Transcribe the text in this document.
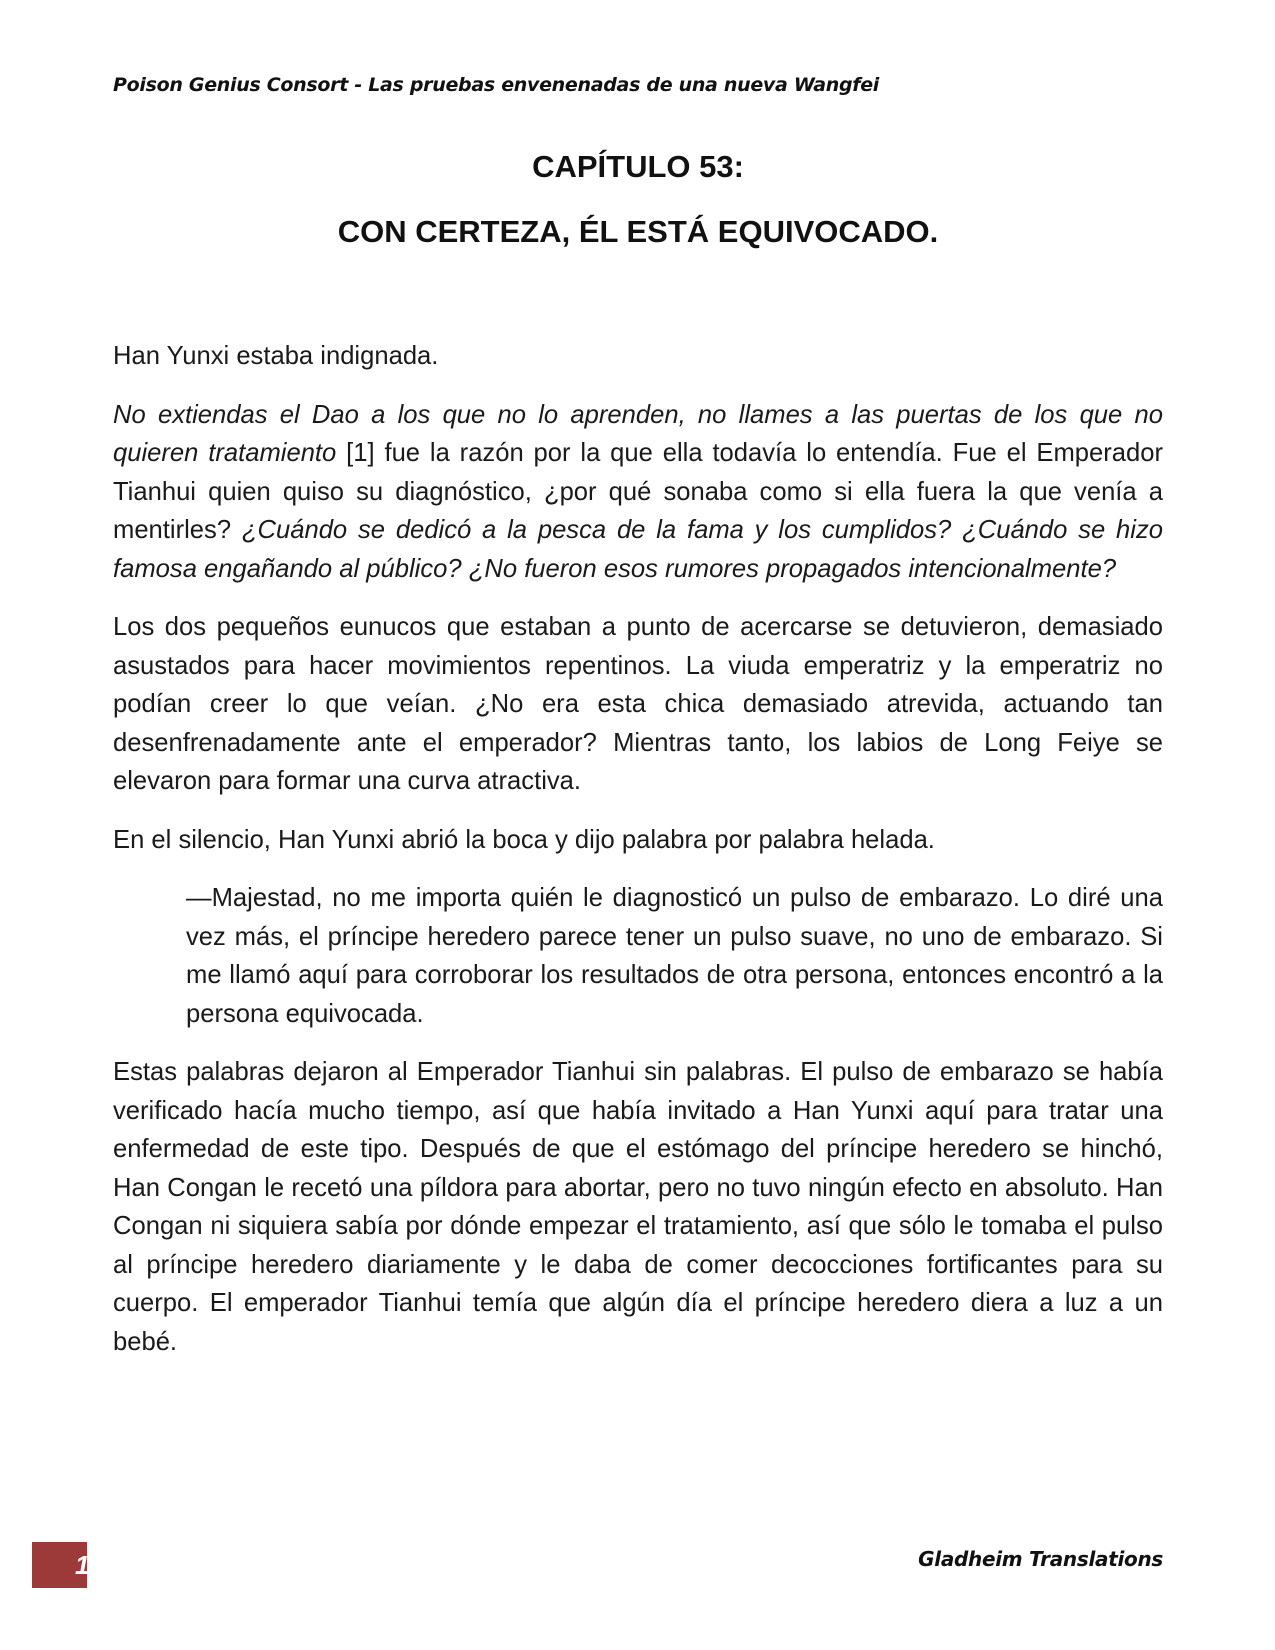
Poison Genius Consort - Las pruebas envenenadas de una nueva Wangfei
CAPÍTULO 53:
CON CERTEZA, ÉL ESTÁ EQUIVOCADO.

Han Yunxi estaba indignada.

No extiendas el Dao a los que no lo aprenden, no llames a las puertas de los que no quieren tratamiento [1] fue la razón por la que ella todavía lo entendía. Fue el Emperador Tianhui quien quiso su diagnóstico, ¿por qué sonaba como si ella fuera la que venía a mentirles? ¿Cuándo se dedicó a la pesca de la fama y los cumplidos? ¿Cuándo se hizo famosa engañando al público? ¿No fueron esos rumores propagados intencionalmente?

Los dos pequeños eunucos que estaban a punto de acercarse se detuvieron, demasiado asustados para hacer movimientos repentinos. La viuda emperatriz y la emperatriz no podían creer lo que veían. ¿No era esta chica demasiado atrevida, actuando tan desenfrenadamente ante el emperador? Mientras tanto, los labios de Long Feiye se elevaron para formar una curva atractiva.

En el silencio, Han Yunxi abrió la boca y dijo palabra por palabra helada.

—Majestad, no me importa quién le diagnosticó un pulso de embarazo. Lo diré una vez más, el príncipe heredero parece tener un pulso suave, no uno de embarazo. Si me llamó aquí para corroborar los resultados de otra persona, entonces encontró a la persona equivocada.

Estas palabras dejaron al Emperador Tianhui sin palabras. El pulso de embarazo se había verificado hacía mucho tiempo, así que había invitado a Han Yunxi aquí para tratar una enfermedad de este tipo. Después de que el estómago del príncipe heredero se hinchó, Han Congan le recetó una píldora para abortar, pero no tuvo ningún efecto en absoluto. Han Congan ni siquiera sabía por dónde empezar el tratamiento, así que sólo le tomaba el pulso al príncipe heredero diariamente y le daba de comer decocciones fortificantes para su cuerpo. El emperador Tianhui temía que algún día el príncipe heredero diera a luz a un bebé.

1	Gladheim Translations
